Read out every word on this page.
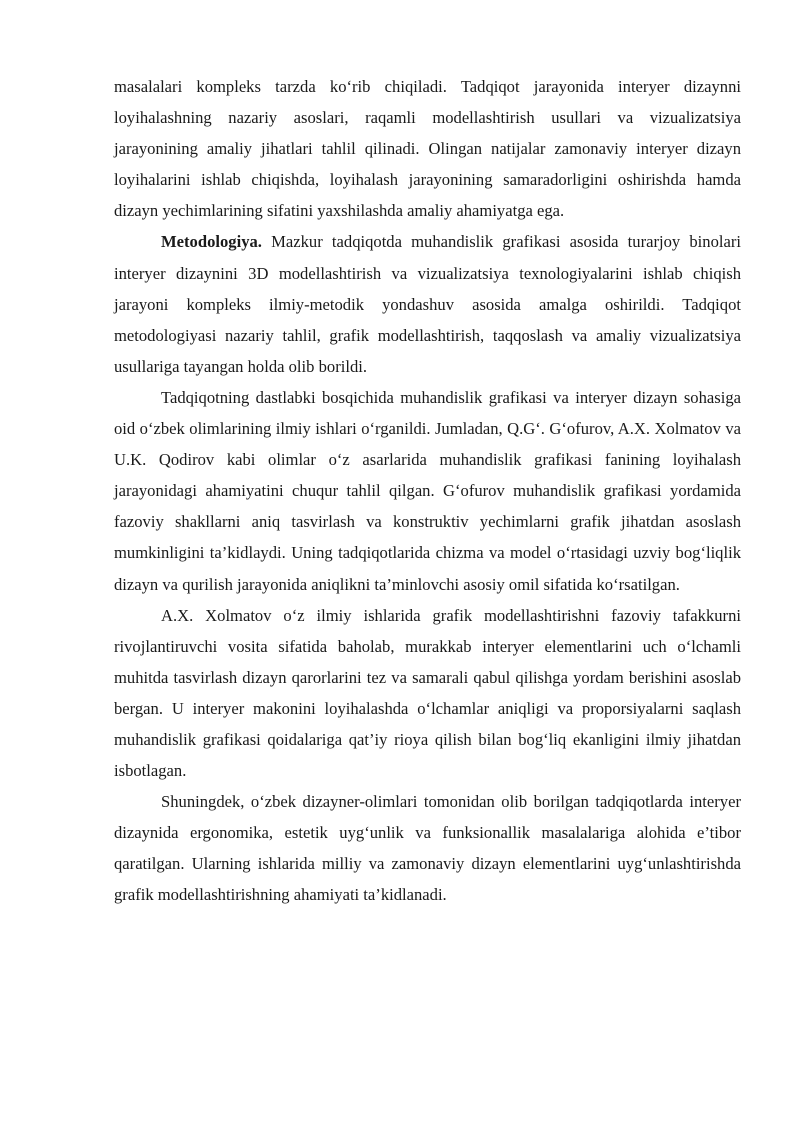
masalalari kompleks tarzda ko‘rib chiqiladi. Tadqiqot jarayonida interyer dizaynni loyihalashning nazariy asoslari, raqamli modellashtirish usullari va vizualizatsiya jarayonining amaliy jihatlari tahlil qilinadi. Olingan natijalar zamonaviy interyer dizayn loyihalarini ishlab chiqishda, loyihalash jarayonining samaradorligini oshirishda hamda dizayn yechimlarining sifatini yaxshilashda amaliy ahamiyatga ega.

Metodologiya. Mazkur tadqiqotda muhandislik grafikasi asosida turarjoy binolari interyer dizaynini 3D modellashtirish va vizualizatsiya texnologiyalarini ishlab chiqish jarayoni kompleks ilmiy-metodik yondashuv asosida amalga oshirildi. Tadqiqot metodologiyasi nazariy tahlil, grafik modellashtirish, taqqoslash va amaliy vizualizatsiya usullariga tayangan holda olib borildi.

Tadqiqotning dastlabki bosqichida muhandislik grafikasi va interyer dizayn sohasiga oid o‘zbek olimlarining ilmiy ishlari o‘rganildi. Jumladan, Q.G‘. G‘ofurov, A.X. Xolmatov va U.K. Qodirov kabi olimlar o‘z asarlarida muhandislik grafikasi fanining loyihalash jarayonidagi ahamiyatini chuqur tahlil qilgan. G‘ofurov muhandislik grafikasi yordamida fazoviy shakllarni aniq tasvirlash va konstruktiv yechimlarni grafik jihatdan asoslash mumkinligini ta’kidlaydi. Uning tadqiqotlarida chizma va model o‘rtasidagi uzviy bog‘liqlik dizayn va qurilish jarayonida aniqlikni ta’minlovchi asosiy omil sifatida ko‘rsatilgan.

A.X. Xolmatov o‘z ilmiy ishlarida grafik modellashtirishni fazoviy tafakkurni rivojlantiruvchi vosita sifatida baholab, murakkab interyer elementlarini uch o‘lchamli muhitda tasvirlash dizayn qarorlarini tez va samarali qabul qilishga yordam berishini asoslab bergan. U interyer makonini loyihalashda o‘lchamlar aniqligi va proporsiyalarni saqlash muhandislik grafikasi qoidalariga qat’iy rioya qilish bilan bog‘liq ekanligini ilmiy jihatdan isbotlagan.

Shuningdek, o‘zbek dizayner-olimlari tomonidan olib borilgan tadqiqotlarda interyer dizaynida ergonomika, estetik uyg‘unlik va funksionallik masalalariga alohida e’tibor qaratilgan. Ularning ishlarida milliy va zamonaviy dizayn elementlarini uyg‘unlashtirishda grafik modellashtirishning ahamiyati ta’kidlanadi.
